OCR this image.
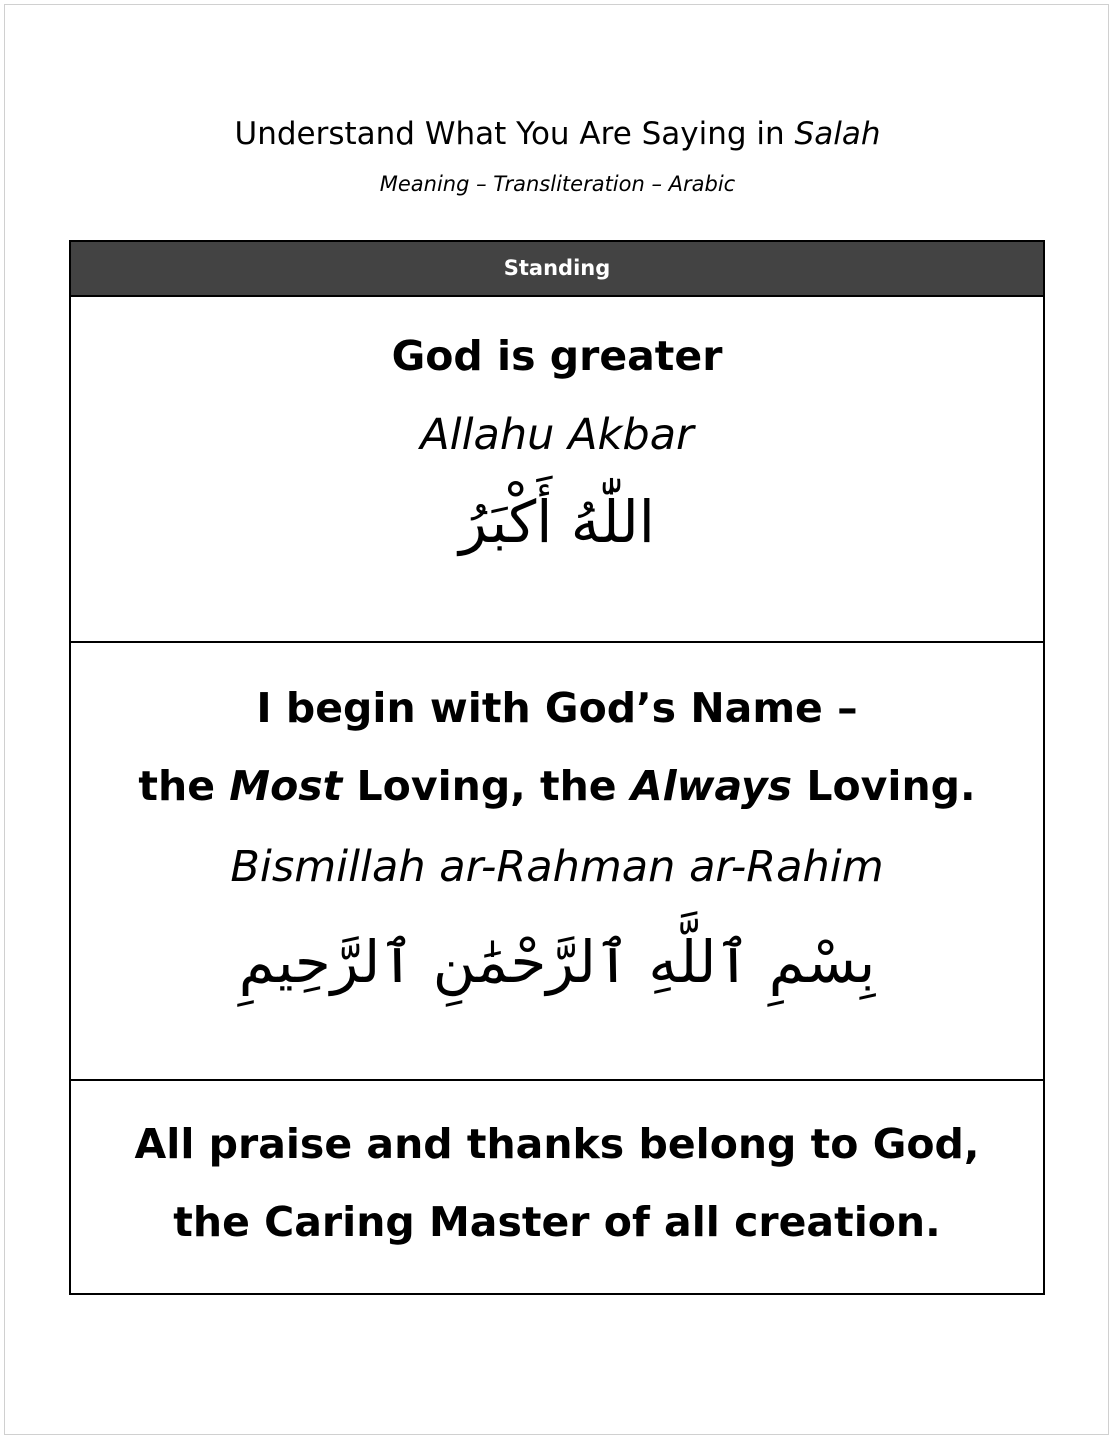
Understand What You Are Saying in Salah
Meaning – Transliteration – Arabic
Standing
God is greater
Allahu Akbar
اللّٰهُ أَكْبَرُ
I begin with God’s Name –
the Most Loving, the Always Loving.
Bismillah ar-Rahman ar-Rahim
بِسْمِ ٱللَّهِ ٱلرَّحْمَٰنِ ٱلرَّحِيمِ
All praise and thanks belong to God,
the Caring Master of all creation.
